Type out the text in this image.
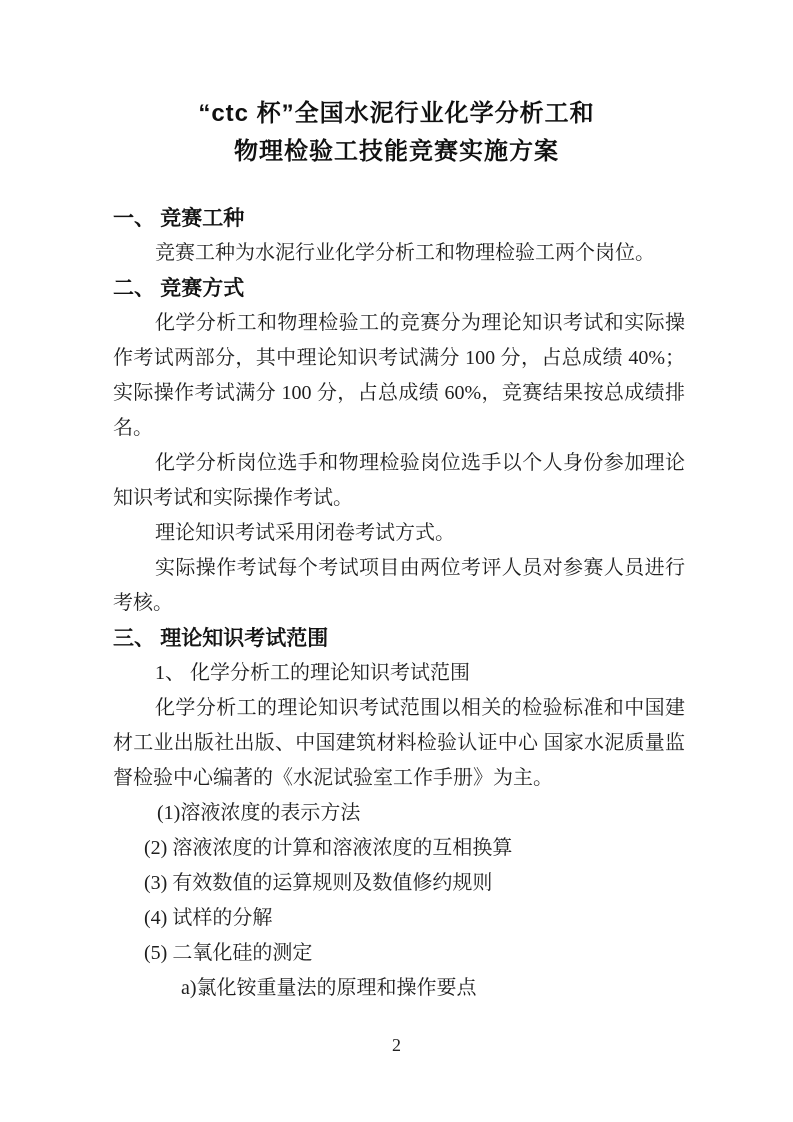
“ctc 杯”全国水泥行业化学分析工和
物理检验工技能竞赛实施方案
一、 竞赛工种
竞赛工种为水泥行业化学分析工和物理检验工两个岗位。
二、 竞赛方式
化学分析工和物理检验工的竞赛分为理论知识考试和实际操作考试两部分，其中理论知识考试满分 100 分，占总成绩 40%；实际操作考试满分 100 分，占总成绩 60%，竞赛结果按总成绩排名。
化学分析岗位选手和物理检验岗位选手以个人身份参加理论知识考试和实际操作考试。
理论知识考试采用闭卷考试方式。
实际操作考试每个考试项目由两位考评人员对参赛人员进行考核。
三、 理论知识考试范围
1、 化学分析工的理论知识考试范围
化学分析工的理论知识考试范围以相关的检验标准和中国建材工业出版社出版、中国建筑材料检验认证中心 国家水泥质量监督检验中心编著的《水泥试验室工作手册》为主。
(1)溶液浓度的表示方法
(2) 溶液浓度的计算和溶液浓度的互相换算
(3) 有效数值的运算规则及数值修约规则
(4) 试样的分解
(5) 二氧化硅的测定
a)氯化铵重量法的原理和操作要点
2
